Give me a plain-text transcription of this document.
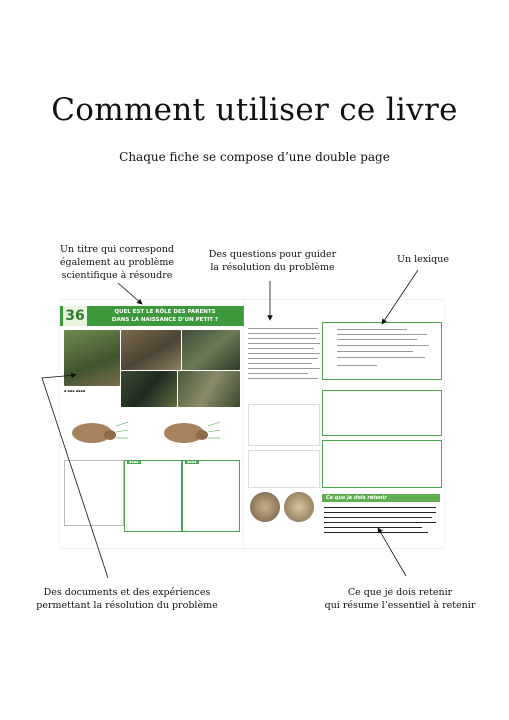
Comment utiliser ce livre
Chaque fiche se compose d’une double page
Un titre qui correspond
également au problème
scientifique à résoudre
Des questions pour guider
la résolution du problème
Un lexique
Des documents et des expériences
permettant la résolution du problème
Ce que je dois retenir
qui résume l’essentiel à retenir
36	QUEL EST LE RÔLE DES PARENTS
DANS LA NAISSANCE D’UN PETIT ?
▪ ▪▪▪ ▪▪▪▪
▪▪▪▪	▪▪▪▪
Ce que je dois retenir
